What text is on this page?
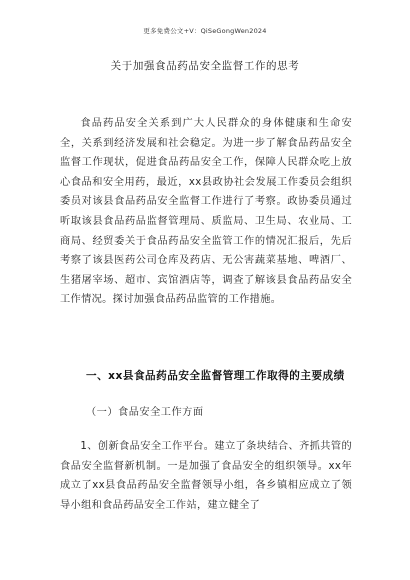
更多免费公文+V：QiSeGongWen2024
关于加强食品药品安全监督工作的思考

食品药品安全关系到广大人民群众的身体健康和生命安全，关系到经济发展和社会稳定。为进一步了解食品药品安全监督工作现状，促进食品药品安全工作，保障人民群众吃上放心食品和安全用药，最近，xx县政协社会发展工作委员会组织委员对该县食品药品安全监督工作进行了考察。政协委员通过听取该县食品药品监督管理局、质监局、卫生局、农业局、工商局、经贸委关于食品药品安全监管工作的情况汇报后，先后考察了该县医药公司仓库及药店、无公害蔬菜基地、啤酒厂、生猪屠宰场、超市、宾馆酒店等，调查了解该县食品药品安全工作情况。探讨加强食品药品监管的工作措施。

一、xx县食品药品安全监督管理工作取得的主要成绩
（一）食品安全工作方面

1、创新食品安全工作平台。建立了条块结合、齐抓共管的食品安全监督新机制。一是加强了食品安全的组织领导。xx年成立了xx县食品药品安全监督领导小组，各乡镇相应成立了领导小组和食品药品安全工作站，建立健全了
